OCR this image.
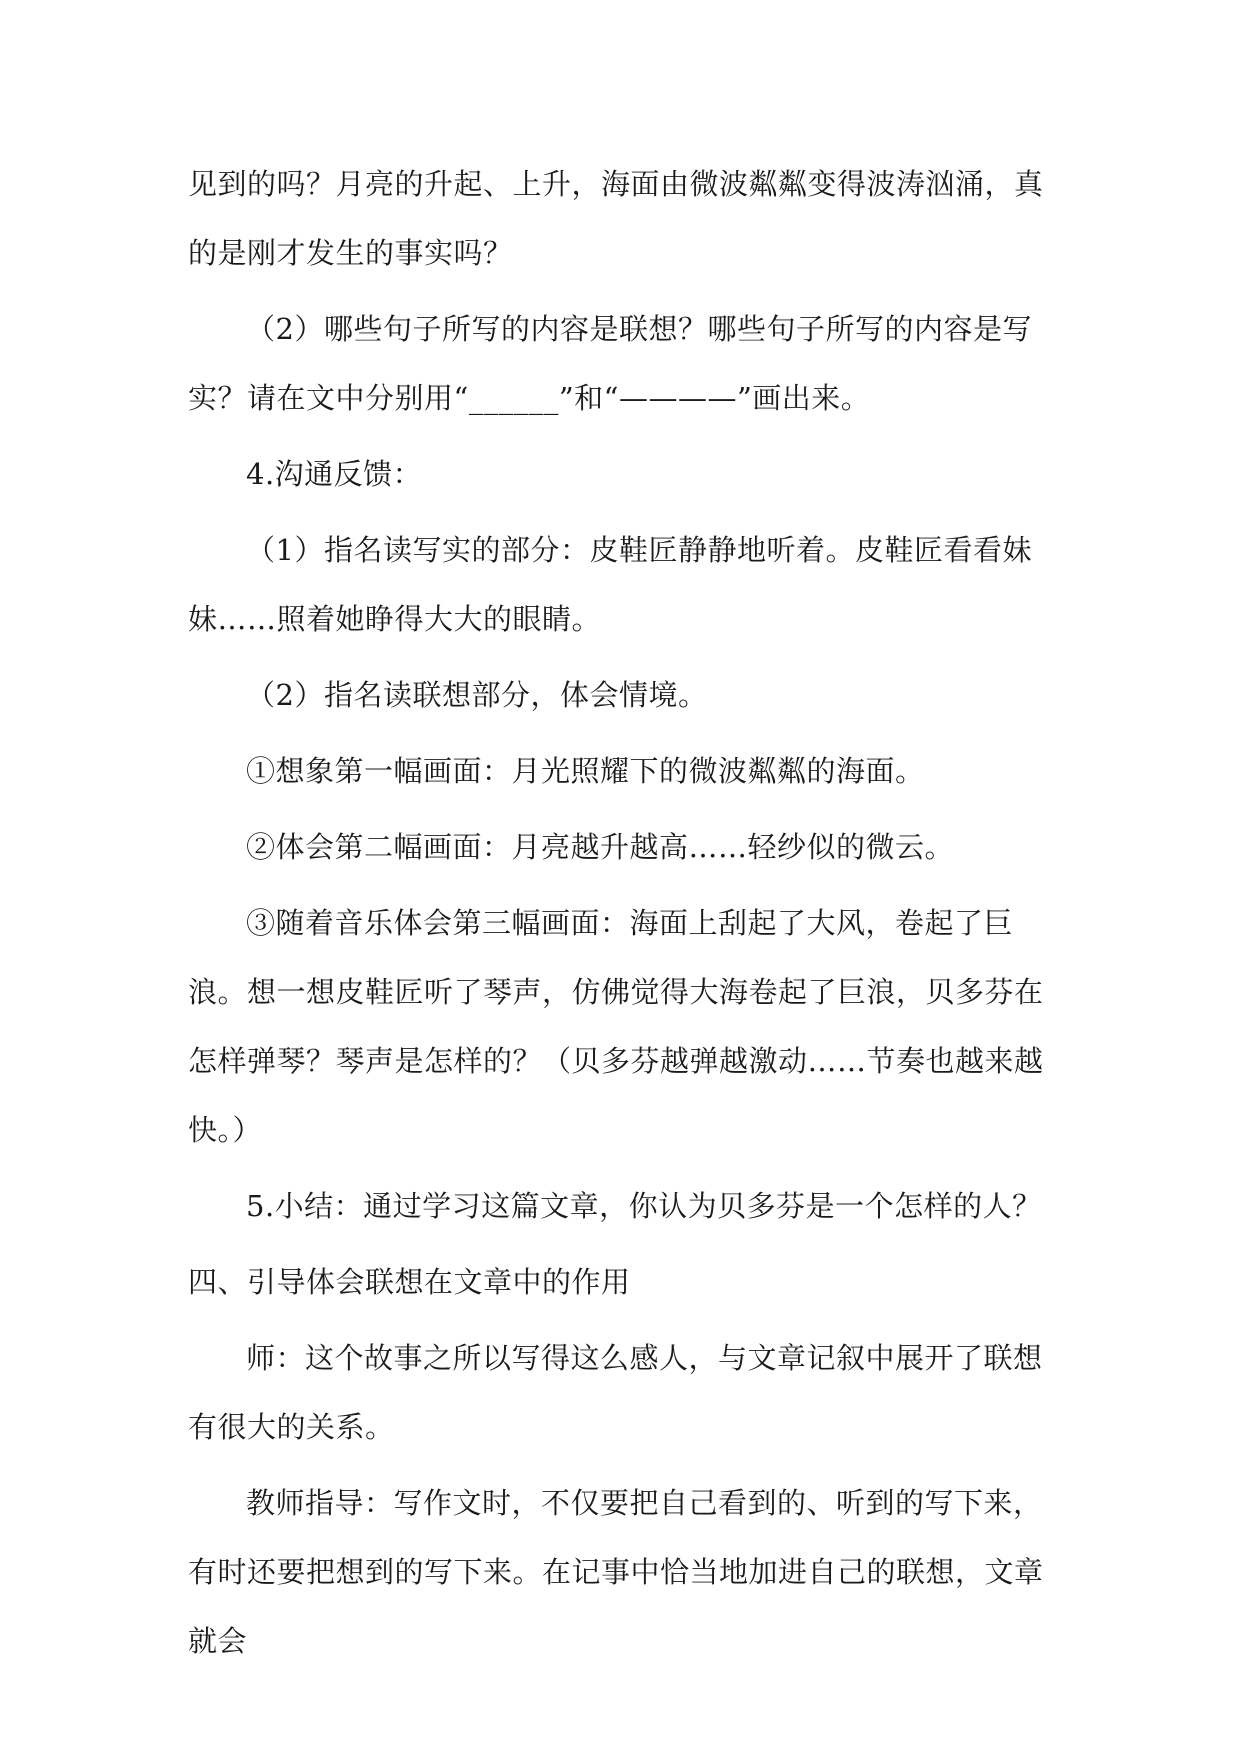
见到的吗？月亮的升起、上升，海面由微波粼粼变得波涛汹涌，真的是刚才发生的事实吗？

（2）哪些句子所写的内容是联想？哪些句子所写的内容是写实？请在文中分别用“______”和“————”画出来。

4.沟通反馈：

（1）指名读写实的部分：皮鞋匠静静地听着。皮鞋匠看看妹妹……照着她睁得大大的眼睛。

（2）指名读联想部分，体会情境。

①想象第一幅画面：月光照耀下的微波粼粼的海面。

②体会第二幅画面：月亮越升越高……轻纱似的微云。

③随着音乐体会第三幅画面：海面上刮起了大风，卷起了巨浪。想一想皮鞋匠听了琴声，仿佛觉得大海卷起了巨浪，贝多芬在怎样弹琴？琴声是怎样的？（贝多芬越弹越激动……节奏也越来越快。）

5.小结：通过学习这篇文章，你认为贝多芬是一个怎样的人？

四、引导体会联想在文章中的作用

师：这个故事之所以写得这么感人，与文章记叙中展开了联想有很大的关系。

教师指导：写作文时，不仅要把自己看到的、听到的写下来，有时还要把想到的写下来。在记事中恰当地加进自己的联想，文章就会
